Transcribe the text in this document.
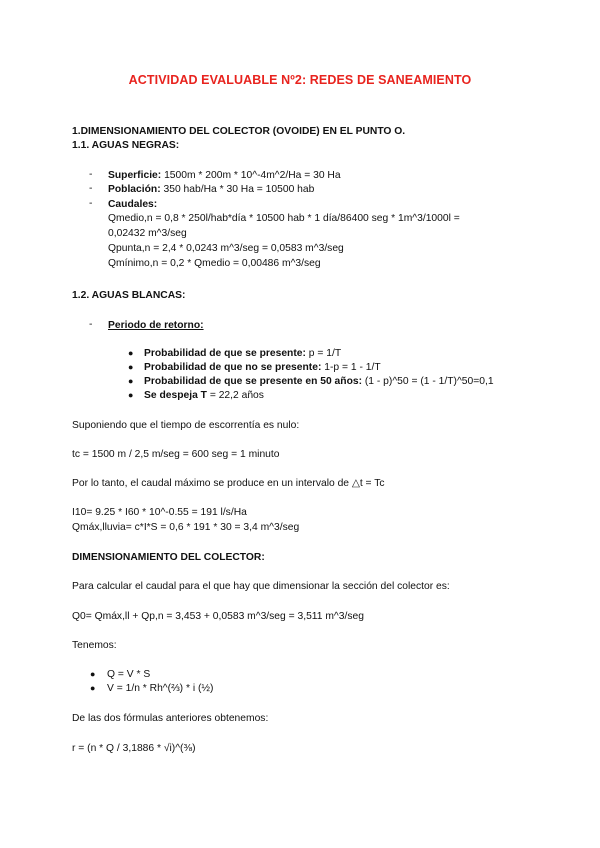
ACTIVIDAD EVALUABLE Nº2: REDES DE SANEAMIENTO
1.DIMENSIONAMIENTO DEL COLECTOR (OVOIDE) EN EL PUNTO O.
1.1. AGUAS NEGRAS:
- Superficie: 1500m * 200m * 10^-4m^2/Ha = 30 Ha
- Población: 350 hab/Ha * 30 Ha = 10500 hab
- Caudales:
Qmedio,n = 0,8 * 250l/hab*día * 10500 hab * 1 día/86400 seg * 1m^3/1000l =
0,02432 m^3/seg
Qpunta,n = 2,4 * 0,0243 m^3/seg = 0,0583 m^3/seg
Qmínimo,n = 0,2 * Qmedio = 0,00486 m^3/seg
1.2. AGUAS BLANCAS:
- Periodo de retorno:
● Probabilidad de que se presente: p = 1/T
● Probabilidad de que no se presente: 1-p = 1 - 1/T
● Probabilidad de que se presente en 50 años: (1 - p)^50 = (1 - 1/T)^50=0,1
● Se despeja T = 22,2 años
Suponiendo que el tiempo de escorrentía es nulo:
tc = 1500 m / 2,5 m/seg = 600 seg = 1 minuto
Por lo tanto, el caudal máximo se produce en un intervalo de △t = Tc
I10= 9.25 * I60 * 10^-0.55 = 191 l/s/Ha
Qmáx,lluvia= c*I*S = 0,6 * 191 * 30 = 3,4 m^3/seg
DIMENSIONAMIENTO DEL COLECTOR:
Para calcular el caudal para el que hay que dimensionar la sección del colector es:
Q0= Qmáx,ll + Qp,n = 3,453 + 0,0583 m^3/seg = 3,511 m^3/seg
Tenemos:
● Q = V * S
● V = 1/n * Rh^(⅔) * i (½)
De las dos fórmulas anteriores obtenemos:
r = (n * Q / 3,1886 * √i)^(⅜)
